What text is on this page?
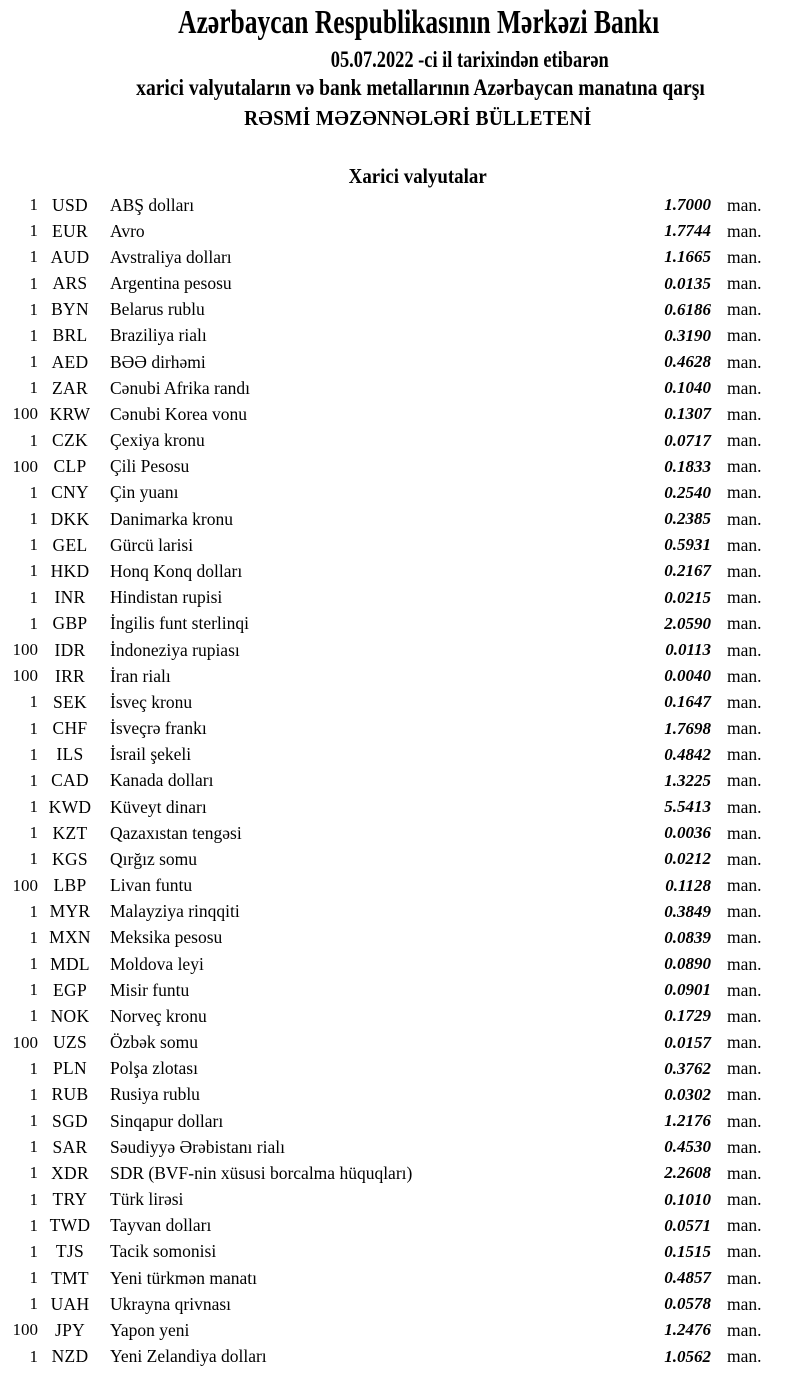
Azərbaycan Respublikasının Mərkəzi Bankı
05.07.2022 -ci il tarixindən etibarən
xarici valyutaların və bank metallarının Azərbaycan manatına qarşı
RƏSMİ MƏZƏNNƏLƏRİ BÜLLETENİ
Xarici valyutalar
1 USD	ABŞ dolları	1.7000 man.
1 EUR	Avro	1.7744 man.
1 AUD	Avstraliya dolları	1.1665 man.
1 ARS	Argentina pesosu	0.0135 man.
1 BYN	Belarus rublu	0.6186 man.
1 BRL	Braziliya rialı	0.3190 man.
1 AED	BƏƏ dirhəmi	0.4628 man.
1 ZAR	Cənubi Afrika randı	0.1040 man.
100 KRW	Cənubi Korea vonu	0.1307 man.
1 CZK	Çexiya kronu	0.0717 man.
100 CLP	Çili Pesosu	0.1833 man.
1 CNY	Çin yuanı	0.2540 man.
1 DKK	Danimarka kronu	0.2385 man.
1 GEL	Gürcü larisi	0.5931 man.
1 HKD	Honq Konq dolları	0.2167 man.
1 INR	Hindistan rupisi	0.0215 man.
1 GBP	İngilis funt sterlinqi	2.0590 man.
100 IDR	İndoneziya rupiası	0.0113 man.
100 IRR	İran rialı	0.0040 man.
1 SEK	İsveç kronu	0.1647 man.
1 CHF	İsveçrə frankı	1.7698 man.
1	ILS	İsrail şekeli	0.4842 man.
1 CAD	Kanada dolları	1.3225 man.
1 KWD Küveyt dinarı	5.5413 man.
1 KZT	Qazaxıstan tengəsi	0.0036 man.
1 KGS	Qırğız somu	0.0212 man.
100 LBP	Livan funtu	0.1128 man.
1 MYR	Malayziya rinqqiti	0.3849 man.
1 MXN Meksika pesosu	0.0839 man.
1 MDL	Moldova leyi	0.0890 man.
1 EGP	Misir funtu	0.0901 man.
1 NOK	Norveç kronu	0.1729 man.
100 UZS	Özbək somu	0.0157 man.
1 PLN	Polşa zlotası	0.3762 man.
1 RUB	Rusiya rublu	0.0302 man.
1 SGD	Sinqapur dolları	1.2176 man.
1 SAR	Səudiyyə Ərəbistanı rialı	0.4530 man.
1 XDR	SDR (BVF-nin xüsusi borcalma hüquqları)	2.2608 man.
1 TRY	Türk lirəsi	0.1010 man.
1 TWD	Tayvan dolları	0.0571 man.
1	TJS	Tacik somonisi	0.1515 man.
1 TMT	Yeni türkmən manatı	0.4857 man.
1 UAH	Ukrayna qrivnası	0.0578 man.
100 JPY	Yapon yeni	1.2476 man.
1 NZD	Yeni Zelandiya dolları	1.0562 man.
